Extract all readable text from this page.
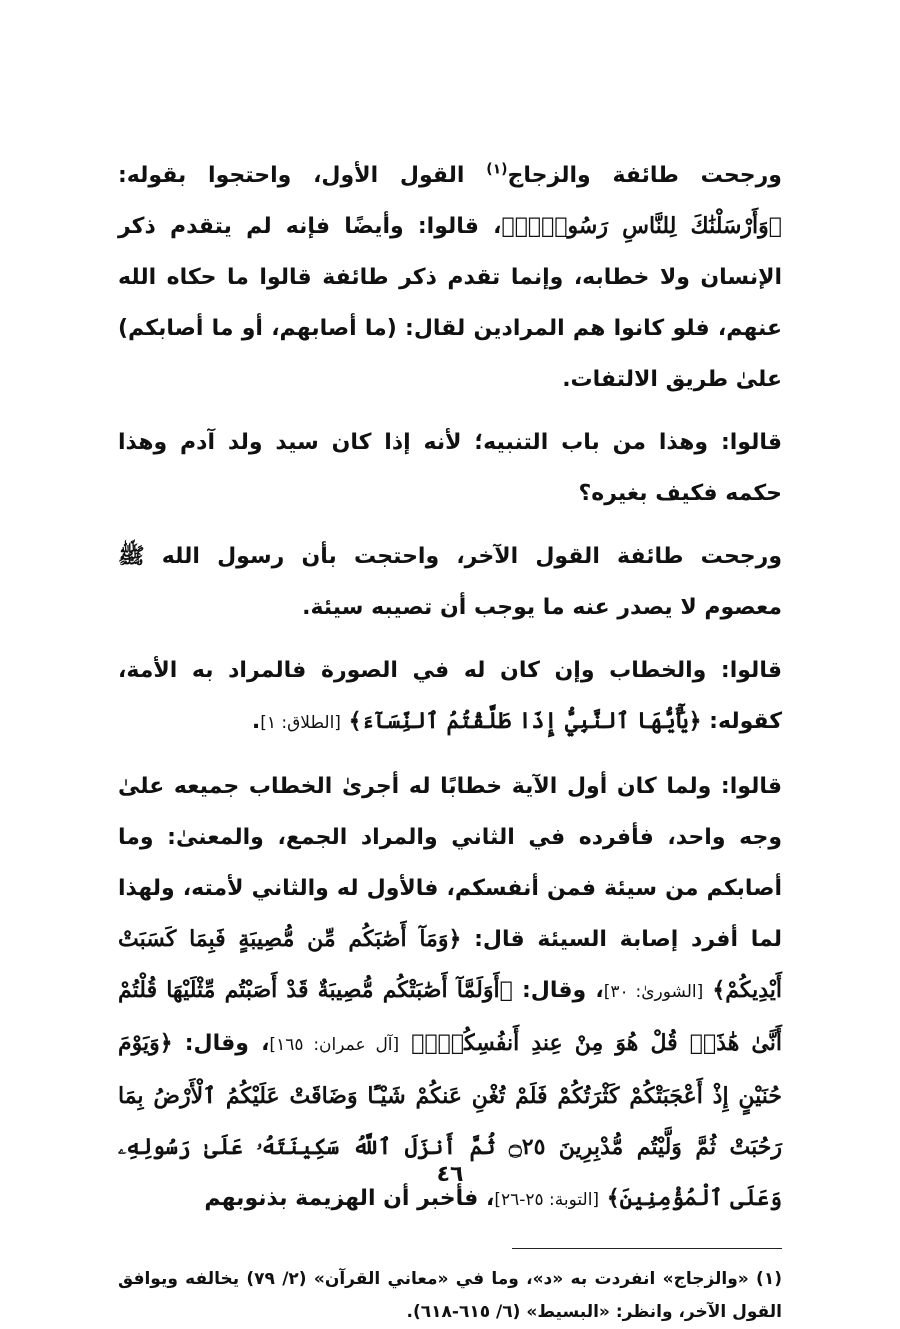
ورجحت طائفة والزجاج$^{(١)}$ القول الأول، واحتجوا بقوله: ﴿وَأَرْسَلْنَٰكَ لِلنَّاسِ رَسُولًاۚ﴾، قالوا: وأيضًا فإنه لم يتقدم ذكر الإنسان ولا خطابه، وإنما تقدم ذكر طائفة قالوا ما حكاه الله عنهم، فلو كانوا هم المرادين لقال: (ما أصابهم، أو ما أصابكم) علىٰ طريق الالتفات.

قالوا: وهذا من باب التنبيه؛ لأنه إذا كان سيد ولد آدم وهذا حكمه فكيف بغيره؟

ورجحت طائفة القول الآخر، واحتجت بأن رسول الله ﷺ معصوم لا يصدر عنه ما يوجب أن تصيبه سيئة.

قالوا: والخطاب وإن كان له في الصورة فالمراد به الأمة، كقوله: ﴿يَٰٓأَيُّهَا ٱلنَّبِيُّ إِذَا طَلَّقْتُمُ ٱلنِّسَآءَ﴾ [الطلاق: ١].

قالوا: ولما كان أول الآية خطابًا له أجرىٰ الخطاب جميعه علىٰ وجه واحد، فأفرده في الثاني والمراد الجمع، والمعنىٰ: وما أصابكم من سيئة فمن أنفسكم، فالأول له والثاني لأمته، ولهذا لما أفرد إصابة السيئة قال: ﴿وَمَآ أَصَٰبَكُم مِّن مُّصِيبَةٍ فَبِمَا كَسَبَتْ أَيْدِيكُمْ﴾ [الشورىٰ: ٣٠]، وقال: ﴿أَوَلَمَّآ أَصَٰبَتْكُم مُّصِيبَةٌ قَدْ أَصَبْتُم مِّثْلَيْهَا قُلْتُمْ أَنَّىٰ هَٰذَاۖ قُلْ هُوَ مِنْ عِندِ أَنفُسِكُمْۗ﴾ [آل عمران: ١٦٥]، وقال: ﴿وَيَوْمَ حُنَيْنٍ إِذْ أَعْجَبَتْكُمْ كَثْرَتُكُمْ فَلَمْ تُغْنِ عَنكُمْ شَيْـًٔا وَضَاقَتْ عَلَيْكُمُ ٱلْأَرْضُ بِمَا رَحُبَتْ ثُمَّ وَلَّيْتُم مُّدْبِرِينَ ۝٢٥ ثُمَّ أَنزَلَ ٱللَّهُ سَكِينَتَهُۥ عَلَىٰ رَسُولِهِۦ وَعَلَى ٱلْمُؤْمِنِينَ﴾ [التوبة: ٢٥-٢٦]، فأخبر أن الهزيمة بذنوبهم

(١) «والزجاج» انفردت به «د»، وما في «معاني القرآن» (٢/ ٧٩) يخالفه ويوافق القول الآخر، وانظر: «البسيط» (٦/ ٦١٥-٦١٨).

٤٦
